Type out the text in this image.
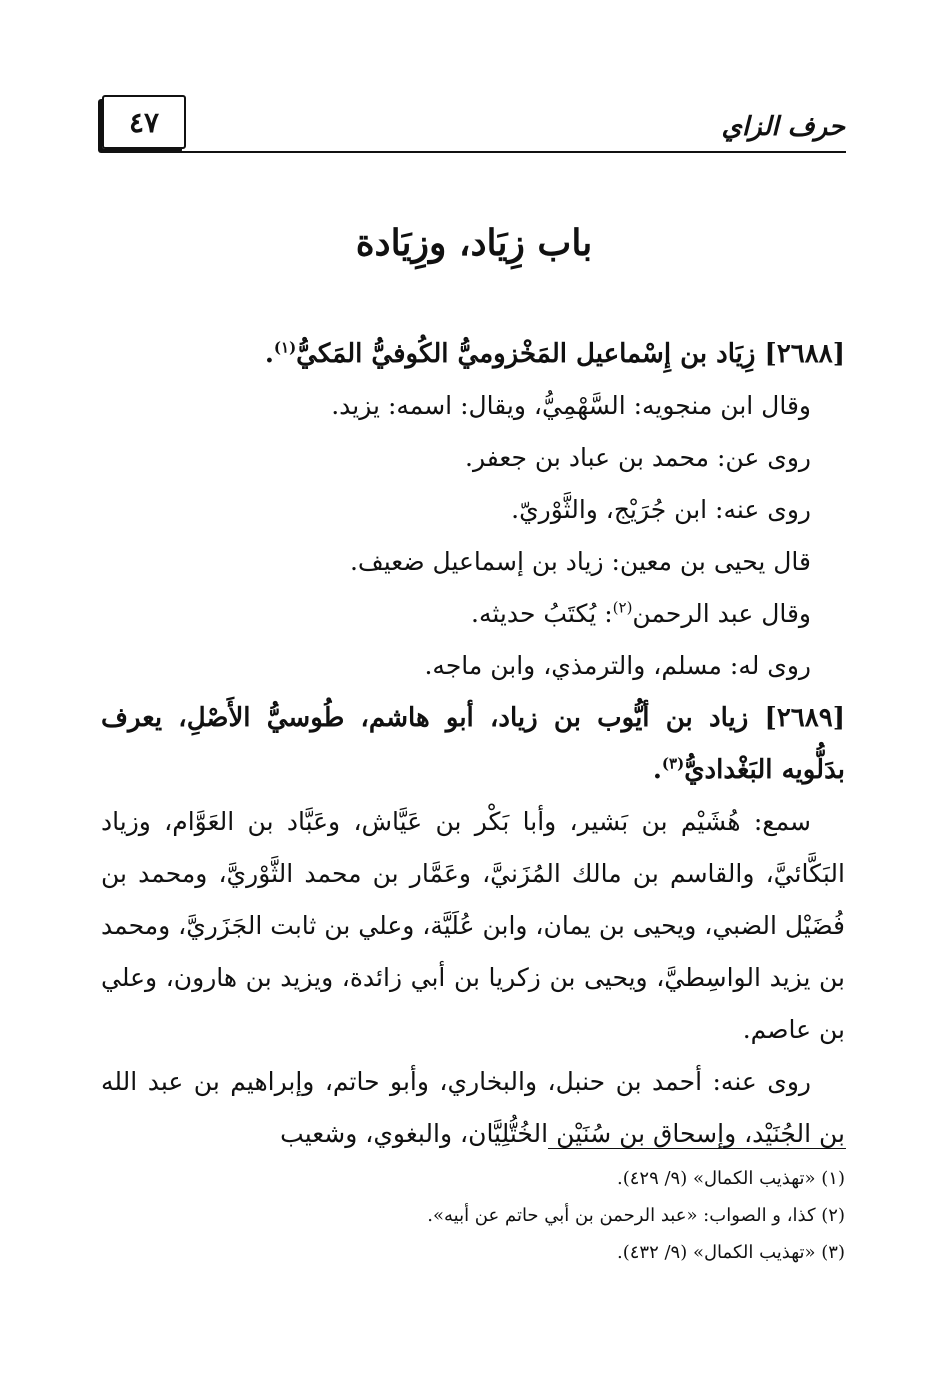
٤٧	حرف الزاي
باب زِيَاد، وزِيَادة
[٢٦٨٨] زِيَاد بن إِسْماعيل المَخْزوميُّ الكُوفيُّ المَكيُّ$^{(١)}$.
وقال ابن منجويه: السَّهْمِيُّ، ويقال: اسمه: يزيد.
روى عن: محمد بن عباد بن جعفر.
روى عنه: ابن جُرَيْج، والثَّوْريّ.
قال يحيى بن معين: زياد بن إسماعيل ضعيف.
وقال عبد الرحمن$^{(٢)}$: يُكتَبُ حديثه.
روى له: مسلم، والترمذي، وابن ماجه.
[٢٦٨٩] زياد بن أيُّوب بن زياد، أبو هاشم، طُوسيُّ الأَصْلِ، يعرف بدَلُّويه البَغْداديُّ$^{(٣)}$.
سمع: هُشَيْم بن بَشير، وأبا بَكْر بن عَيَّاش، وعَبَّاد بن العَوَّام، وزياد البَكَّائيَّ، والقاسم بن مالك المُزَنيَّ، وعَمَّار بن محمد الثَّوْريَّ، ومحمد بن فُضَيْل الضبي، ويحيى بن يمان، وابن عُلَيَّة، وعلي بن ثابت الجَزَريَّ، ومحمد بن يزيد الواسِطيَّ، ويحيى بن زكريا بن أبي زائدة، ويزيد بن هارون، وعلي بن عاصم.
روى عنه: أحمد بن حنبل، والبخاري، وأبو حاتم، وإبراهيم بن عبد الله بن الجُنَيْد، وإسحاق بن سُنَيْن الخُتُّلِيَّان، والبغوي، وشعيب
(١) «تهذيب الكمال» (٩/ ٤٢٩).
(٢) كذا، و الصواب: «عبد الرحمن بن أبي حاتم عن أبيه».
(٣) «تهذيب الكمال» (٩/ ٤٣٢).
